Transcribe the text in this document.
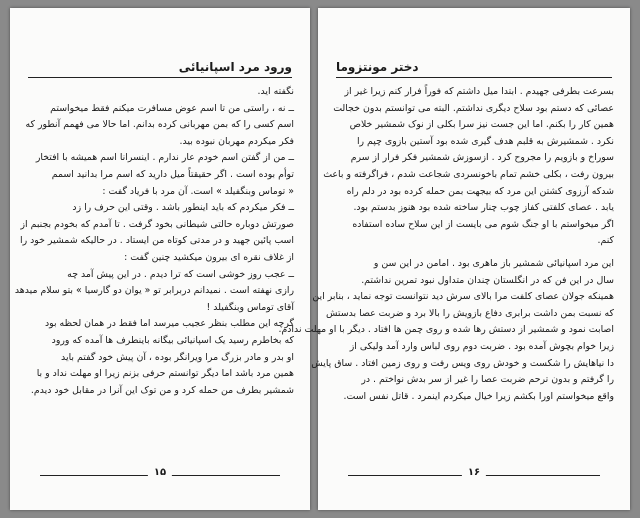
ورود مرد اسپانیائی
نگفته اید.
ــ نه ، راستی من تا اسم عوض مسافرت میکنم فقط میخواستم
اسم کسی را که بمن مهربانی کرده بدانم. اما حالا می فهمم آنطور که
فکر میکردم مهربان نبوده بید.
ــ من از گفتن اسم خودم عار ندارم . اینسرانا اسم همیشه با افتخار
توأم بوده است . اگر حقیقتاً میل دارید که اسم مرا بدانید اسمم
« توماس وبنگفیلد » است. آن مرد با فریاد گفت :
ــ فکر میکردم که باید اینطور باشد . وقتی این حرف را زد
صورتش دوباره حالتی شیطانی بخود گرفت . تا آمدم که بخودم بجنبم از
اسب پائین جهید و در مدتی کوتاه من ایستاد . در حالیکه شمشیر خود را
از غلاف نقره ای بیرون میکشید چنین گفت :
ــ عجب روز خوشی است که ترا دیدم . در این پیش آمد چه
رازی نهفته است . نمیدانم دربرابر تو « یوان دو گارسیا » بتو سلام میدهد
آقای توماس وبنگفیلد !
گرچه این مطلب بنظر عجیب میرسد اما فقط در همان لحظه بود
که بخاطرم رسید یک اسپانیائی بیگانه باینطرف ها آمده که ورود
او بدر و مادر بزرگ مرا ویرانگر بوده ، آن پیش خود گفتم باید
همین مرد باشد اما دیگر توانستم حرفی بزنم زیرا او مهلت نداد و با
شمشیر بطرف من حمله کرد و من توک این آنرا در مقابل خود دیدم.
۱۵
دختر مونتزوما
بسرعت بطرفی جهیدم . ابتدا میل داشتم که فوراً فرار کنم زیرا غیر از
عصائی که دستم بود سلاح دیگری نداشتم. البته می توانستم بدون خجالت
همین کار را بکنم. اما این جست نیز سرا بکلی از نوک شمشیر خلاص
نکرد . شمشیرش به قلبم هدف گیری شده بود آستین بازوی چپم را
سوراخ و بازویم را مجروح کرد . ازسوزش شمشیر فکر فرار از سرم
بیرون رفت ، بکلی خشم تمام باخونسردی شجاعت شدم ، فراگرفته و باعث
شدکه آرزوی کشتن این مرد که بیجهت بمن حمله کرده بود در دلم راه
یابد . عصای کلفتی کفاز چوب چنار ساخته شده بود هنوز بدستم بود.
اگر میخواستم با او جنگ شوم می بایست از این سلاح ساده استفاده
کنم.
این مرد اسپانیائی شمشیر باز ماهری بود . امامن در این سن و
سال در این فن که در انگلستان چندان متداول نبود تمرین نداشتم.
همینکه جولان عصای کلفت مرا بالای سرش دید نتوانست توجه نماید ، بنابر این
که نسبت بمن داشت برابری دفاع بازویش را بالا برد و ضربت عصا بدستش
اصابت نمود و شمشیر از دستش رها شده و روی چمن ها افتاد . دیگر با او مهلت ندادم.
زیرا خوام بچوش آمده بود . ضربت دوم روی لباس وارد آمد ولیکی از
دا نیاهایش را شکست و خودش روی ویس رفت و روی زمین افتاد . ساق پایش
را گرفتم و بدون ترحم ضربت عصا را غیر از سر بدش نواختم . در
واقع میخواستم اورا بکشم زیرا خیال میکردم اینمرد . قاتل نفس است.
۱۶
